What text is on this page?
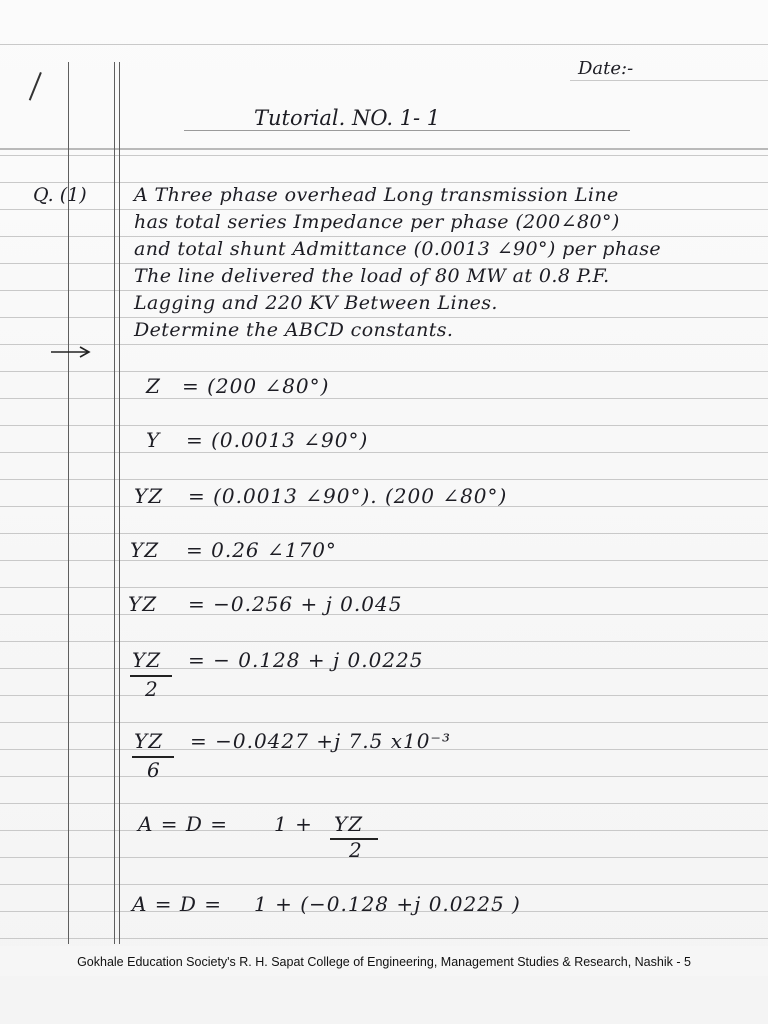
Date:-
Tutorial. NO. 1- 1
Q. (1) A Three phase overhead Long transmission Line
has total series Impedance per phase (200∠80°)
and total shunt Admittance (0.0013 ∠90°) per phase
The line delivered the load of 80 MW at 0.8 P.F.
Lagging and 220 KV Between Lines.
Determine the ABCD constants.
Z = (200 ∠80°)
Y = (0.0013 ∠90°)
YZ = (0.0013 ∠90°). (200 ∠80°)
YZ = 0.26 ∠170°
YZ = −0.256 + j 0.045
YZ
2
= − 0.128 + j 0.0225
YZ
6
= −0.0427 +j 7.5 x10⁻³
A = D = 1 + YZ
2
A = D = 1 + (−0.128 +j 0.0225 )
Gokhale Education Society's R. H. Sapat College of Engineering, Management Studies & Research, Nashik - 5
